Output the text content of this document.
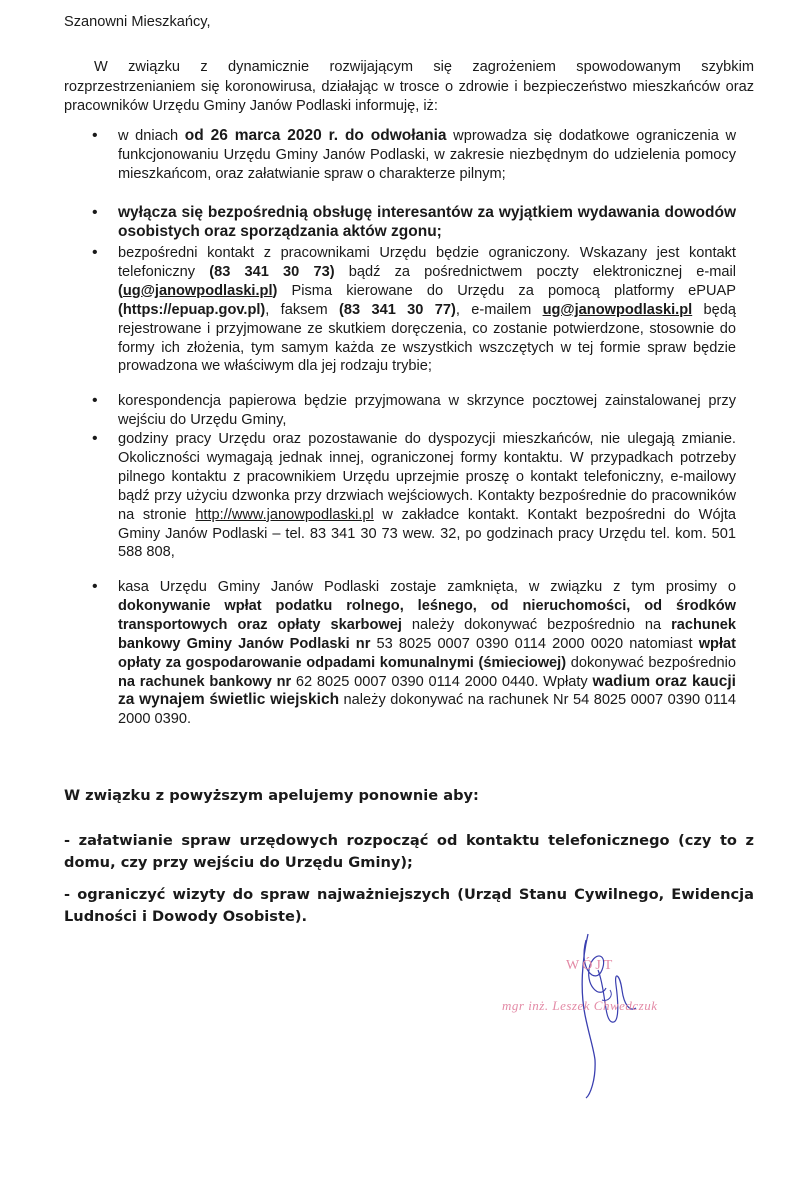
Szanowni Mieszkańcy,

W związku z dynamicznie rozwijającym się zagrożeniem spowodowanym szybkim rozprzestrzenianiem się koronowirusa, działając w trosce o zdrowie i bezpieczeństwo mieszkańców oraz pracowników Urzędu Gminy Janów Podlaski informuję, iż:

• w dniach od 26 marca 2020 r. do odwołania wprowadza się dodatkowe ograniczenia w funkcjonowaniu Urzędu Gminy Janów Podlaski, w zakresie niezbędnym do udzielenia pomocy mieszkańcom, oraz załatwianie spraw o charakterze pilnym;
• wyłącza się bezpośrednią obsługę interesantów za wyjątkiem wydawania dowodów osobistych oraz sporządzania aktów zgonu;
• bezpośredni kontakt z pracownikami Urzędu będzie ograniczony. Wskazany jest kontakt telefoniczny (83 341 30 73) bądź za pośrednictwem poczty elektronicznej e-mail (ug@janowpodlaski.pl) Pisma kierowane do Urzędu za pomocą platformy ePUAP (https://epuap.gov.pl), faksem (83 341 30 77), e-mailem ug@janowpodlaski.pl będą rejestrowane i przyjmowane ze skutkiem doręczenia, co zostanie potwierdzone, stosownie do formy ich złożenia, tym samym każda ze wszystkich wszczętych w tej formie spraw będzie prowadzona we właściwym dla jej rodzaju trybie;
• korespondencja papierowa będzie przyjmowana w skrzynce pocztowej zainstalowanej przy wejściu do Urzędu Gminy,
• godziny pracy Urzędu oraz pozostawanie do dyspozycji mieszkańców, nie ulegają zmianie. Okoliczności wymagają jednak innej, ograniczonej formy kontaktu. W przypadkach potrzeby pilnego kontaktu z pracownikiem Urzędu uprzejmie proszę o kontakt telefoniczny, e-mailowy bądź przy użyciu dzwonka przy drzwiach wejściowych. Kontakty bezpośrednie do pracowników na stronie http://www.janowpodlaski.pl w zakładce kontakt. Kontakt bezpośredni do Wójta Gminy Janów Podlaski – tel. 83 341 30 73 wew. 32, po godzinach pracy Urzędu tel. kom. 501 588 808,
• kasa Urzędu Gminy Janów Podlaski zostaje zamknięta, w związku z tym prosimy o dokonywanie wpłat podatku rolnego, leśnego, od nieruchomości, od środków transportowych oraz opłaty skarbowej należy dokonywać bezpośrednio na rachunek bankowy Gminy Janów Podlaski nr 53 8025 0007 0390 0114 2000 0020 natomiast wpłat opłaty za gospodarowanie odpadami komunalnymi (śmieciowej) dokonywać bezpośrednio na rachunek bankowy nr 62 8025 0007 0390 0114 2000 0440. Wpłaty wadium oraz kaucji za wynajem świetlic wiejskich należy dokonywać na rachunek Nr 54 8025 0007 0390 0114 2000 0390.

W związku z powyższym apelujemy ponownie aby:

- załatwianie spraw urzędowych rozpocząć od kontaktu telefonicznego (czy to z domu, czy przy wejściu do Urzędu Gminy);

- ograniczyć wizyty do spraw najważniejszych (Urząd Stanu Cywilnego, Ewidencja Ludności i Dowody Osobiste).

WÓJT
mgr inż. Leszek Chwedczuk
